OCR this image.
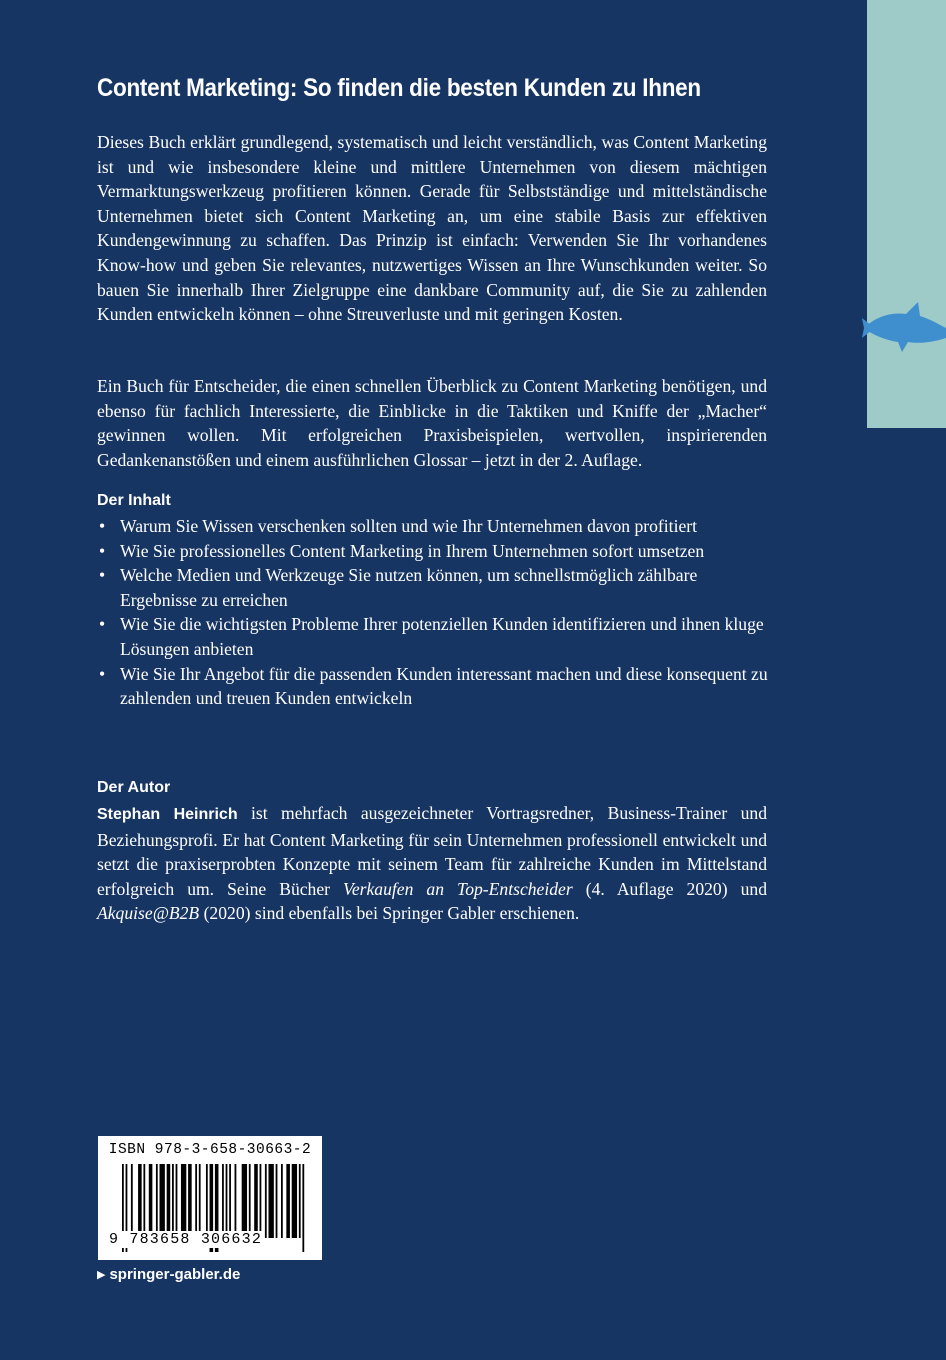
Content Marketing: So finden die besten Kunden zu Ihnen

Dieses Buch erklärt grundlegend, systematisch und leicht verständlich, was Content Marketing ist und wie insbesondere kleine und mittlere Unternehmen von diesem mächtigen Vermarktungswerkzeug profitieren können. Gerade für Selbstständige und mittelständische Unternehmen bietet sich Content Marketing an, um eine stabile Basis zur effektiven Kundengewinnung zu schaffen. Das Prinzip ist einfach: Verwenden Sie Ihr vorhandenes Know-how und geben Sie relevantes, nutzwertiges Wissen an Ihre Wunschkunden weiter. So bauen Sie innerhalb Ihrer Zielgruppe eine dankbare Community auf, die Sie zu zahlenden Kunden entwickeln können – ohne Streuverluste und mit geringen Kosten.

Ein Buch für Entscheider, die einen schnellen Überblick zu Content Marketing benötigen, und ebenso für fachlich Interessierte, die Einblicke in die Taktiken und Kniffe der „Macher“ gewinnen wollen. Mit erfolgreichen Praxisbeispielen, wertvollen, inspirierenden Gedankenanstößen und einem ausführlichen Glossar – jetzt in der 2. Auflage.

Der Inhalt
• Warum Sie Wissen verschenken sollten und wie Ihr Unternehmen davon profitiert
• Wie Sie professionelles Content Marketing in Ihrem Unternehmen sofort umsetzen
• Welche Medien und Werkzeuge Sie nutzen können, um schnellstmöglich zählbare Ergebnisse zu erreichen
• Wie Sie die wichtigsten Probleme Ihrer potenziellen Kunden identifizieren und ihnen kluge Lösungen anbieten
• Wie Sie Ihr Angebot für die passenden Kunden interessant machen und diese konsequent zu zahlenden und treuen Kunden entwickeln
Der Autor

Stephan Heinrich ist mehrfach ausgezeichneter Vortragsredner, Business-Trainer und Beziehungsprofi. Er hat Content Marketing für sein Unternehmen professionell entwickelt und setzt die praxiserprobten Konzepte mit seinem Team für zahlreiche Kunden im Mittelstand erfolgreich um. Seine Bücher Verkaufen an Top-Entscheider (4. Auflage 2020) und Akquise@B2B (2020) sind ebenfalls bei Springer Gabler erschienen.

ISBN 978-3-658-30663-2
9 783658 306632
▶ springer-gabler.de
